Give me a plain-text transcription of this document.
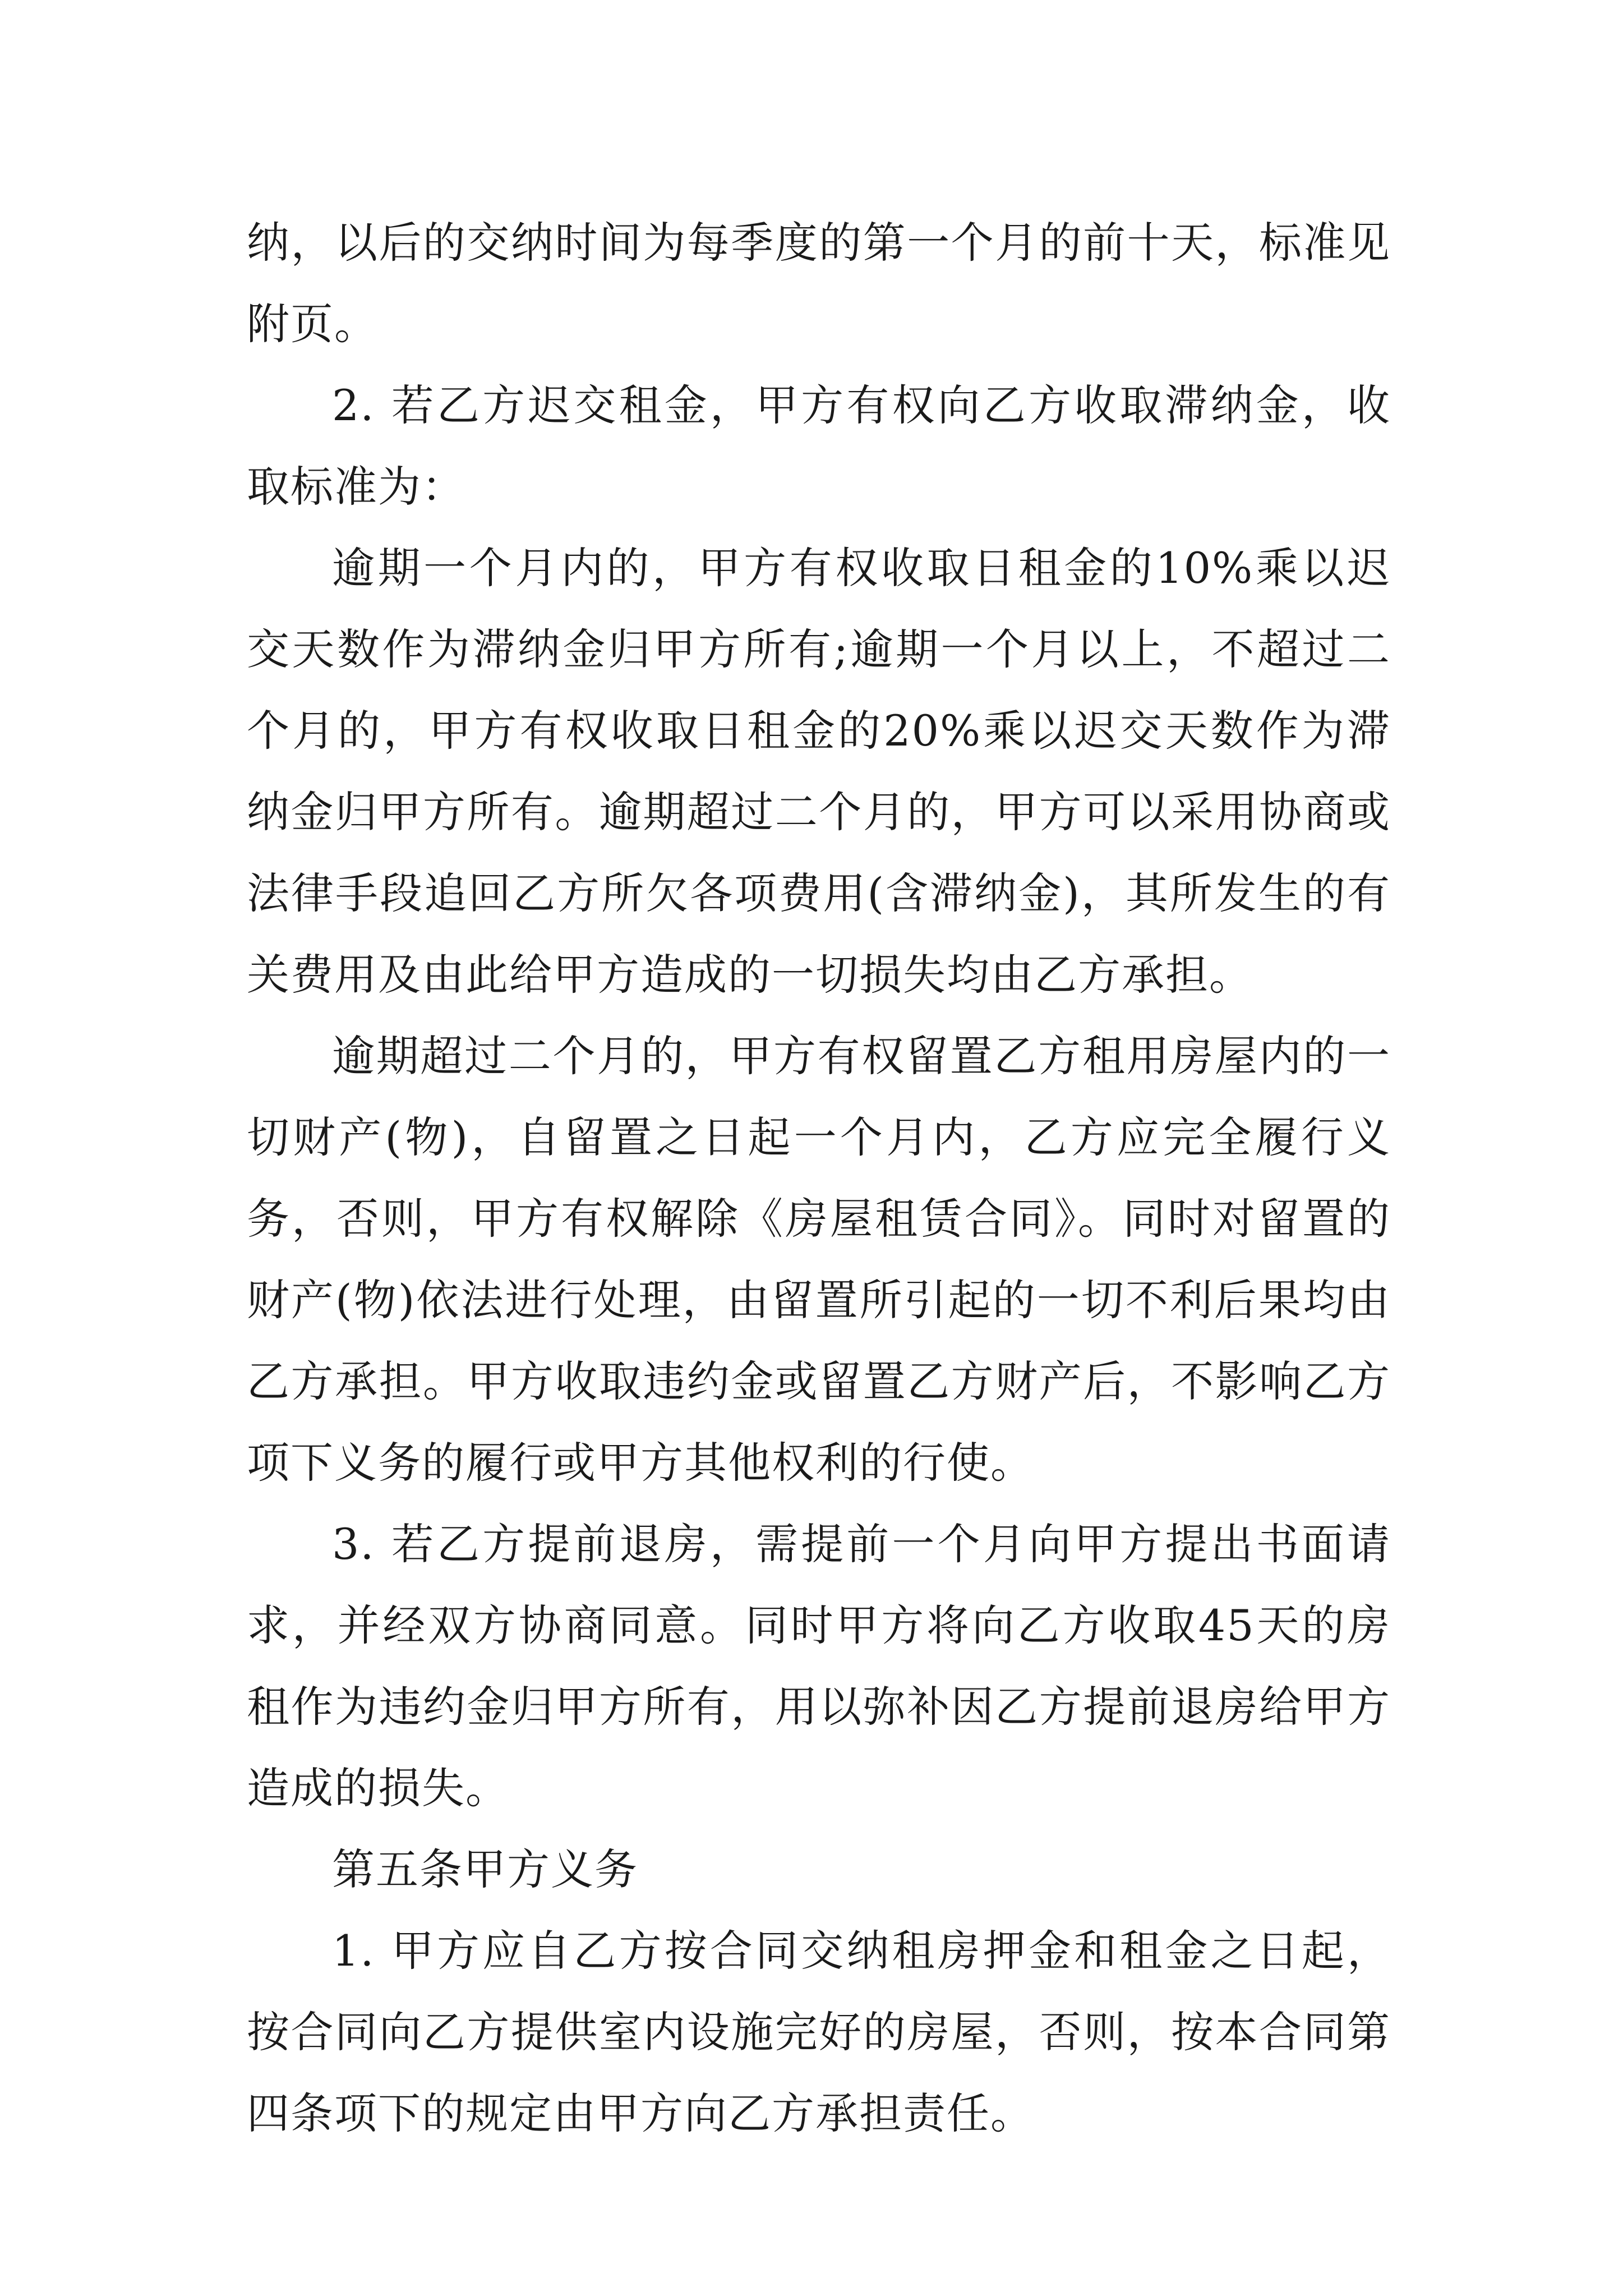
纳，以后的交纳时间为每季度的第一个月的前十天，标准见附页。

2. 若乙方迟交租金，甲方有权向乙方收取滞纳金，收取标准为：

逾期一个月内的，甲方有权收取日租金的10%乘以迟交天数作为滞纳金归甲方所有;逾期一个月以上，不超过二个月的，甲方有权收取日租金的20%乘以迟交天数作为滞纳金归甲方所有。逾期超过二个月的，甲方可以采用协商或法律手段追回乙方所欠各项费用(含滞纳金)，其所发生的有关费用及由此给甲方造成的一切损失均由乙方承担。

逾期超过二个月的，甲方有权留置乙方租用房屋内的一切财产(物)，自留置之日起一个月内，乙方应完全履行义务，否则，甲方有权解除《房屋租赁合同》。同时对留置的财产(物)依法进行处理，由留置所引起的一切不利后果均由乙方承担。甲方收取违约金或留置乙方财产后，不影响乙方项下义务的履行或甲方其他权利的行使。

3. 若乙方提前退房，需提前一个月向甲方提出书面请求，并经双方协商同意。同时甲方将向乙方收取45天的房租作为违约金归甲方所有，用以弥补因乙方提前退房给甲方造成的损失。

第五条甲方义务

1. 甲方应自乙方按合同交纳租房押金和租金之日起，按合同向乙方提供室内设施完好的房屋，否则，按本合同第四条项下的规定由甲方向乙方承担责任。
